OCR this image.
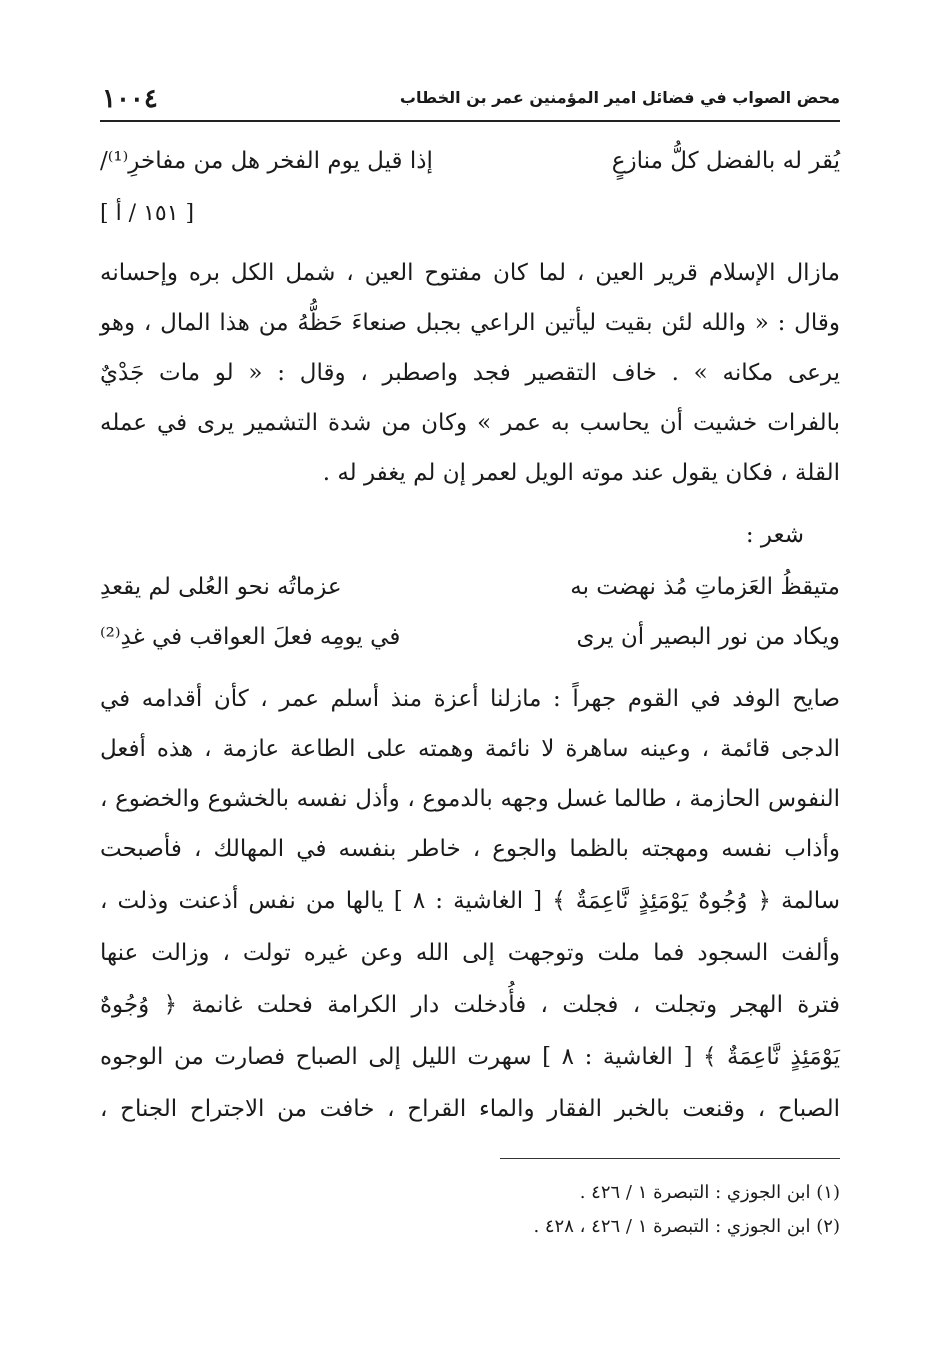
محض الصواب في فضائل امير المؤمنين عمر بن الخطاب
١٠٠٤
يُقر له بالفضل كلُّ منازعٍ
إذا قيل يوم الفخر هل من مفاخرِ⁽¹⁾/
[ ١٥١ / أ ]
مازال الإسلام قرير العين ، لما كان مفتوح العين ، شمل الكل بره وإحسانه
وقال : « والله لئن بقيت ليأتين الراعي بجبل صنعاءَ حَظُّهُ من هذا المال ، وهو
يرعى مكانه » . خاف التقصير فجد واصطبر ، وقال : « لو مات جَدْيٌ
بالفرات خشيت أن يحاسب به عمر » وكان من شدة التشمير يرى في عمله
القلة ، فكان يقول عند موته الويل لعمر إن لم يغفر له .
شعر :
متيقظُ العَزماتِ مُذ نهضت به
عزماتُه نحو العُلى لم يقعدِ
ويكاد من نور البصير أن يرى
في يومِه فعلَ العواقب في غدِ⁽²⁾
صايح الوفد في القوم جهراً : مازلنا أعزة منذ أسلم عمر ، كأن أقدامه في
الدجى قائمة ، وعينه ساهرة لا نائمة وهمته على الطاعة عازمة ، هذه أفعل
النفوس الحازمة ، طالما غسل وجهه بالدموع ، وأذل نفسه بالخشوع والخضوع ،
وأذاب نفسه ومهجته بالظما والجوع ، خاطر بنفسه في المهالك ، فأصبحت
سالمة ﴿ وُجُوهٌ يَوْمَئِذٍ نَّاعِمَةٌ ﴾ [ الغاشية : ٨ ] يالها من نفس أذعنت وذلت ،
وألفت السجود فما ملت وتوجهت إلى الله وعن غيره تولت ، وزالت عنها
فترة الهجر وتجلت ، فجلت ، فأُدخلت دار الكرامة فحلت غانمة ﴿ وُجُوهٌ
يَوْمَئِذٍ نَّاعِمَةٌ ﴾ [ الغاشية : ٨ ] سهرت الليل إلى الصباح فصارت من الوجوه
الصباح ، وقنعت بالخبر الفقار والماء القراح ، خافت من الاجتراح الجناح ،
(١) ابن الجوزي : التبصرة ١ / ٤٢٦ .
(٢) ابن الجوزي : التبصرة ١ / ٤٢٦ ، ٤٢٨ .
